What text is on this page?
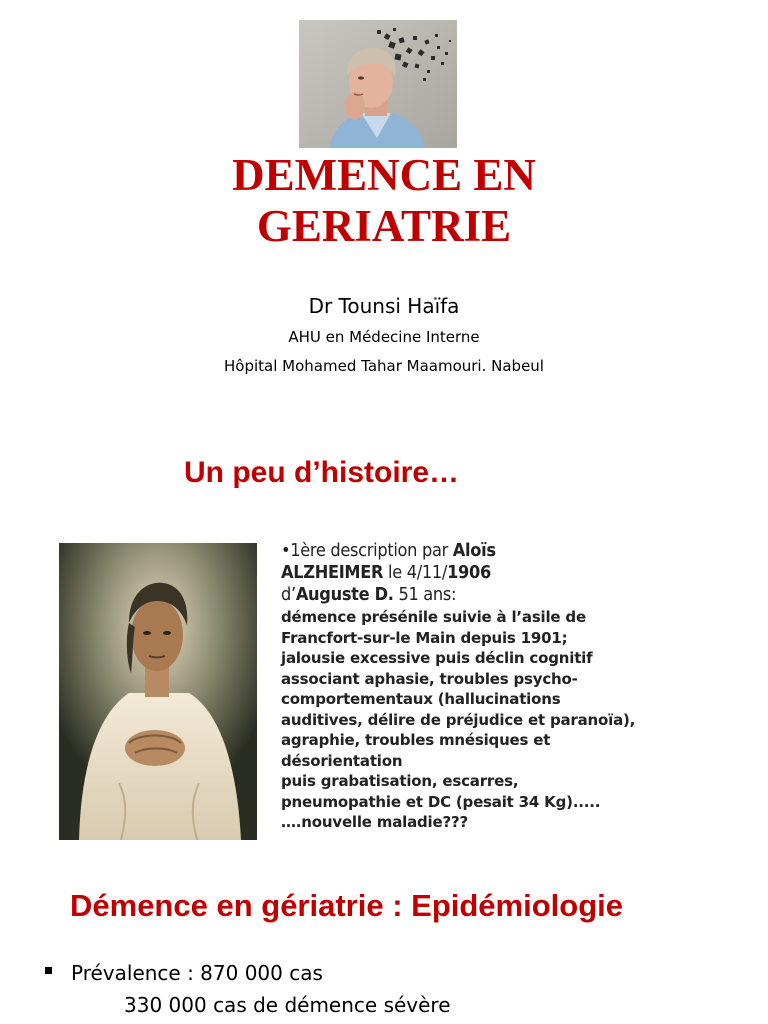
DEMENCE EN
GERIATRIE
Dr Tounsi Haïfa
AHU en Médecine Interne
Hôpital Mohamed Tahar Maamouri. Nabeul
Un peu d’histoire…
•1ère description par Aloïs
ALZHEIMER le 4/11/1906
d’Auguste D. 51 ans:
démence présénile suivie à l’asile de
Francfort-sur-le Main depuis 1901;
jalousie excessive puis déclin cognitif
associant aphasie, troubles psycho-
comportementaux (hallucinations
auditives, délire de préjudice et paranoïa),
agraphie, troubles mnésiques et
désorientation
puis grabatisation, escarres,
pneumopathie et DC (pesait 34 Kg).....
….nouvelle maladie???
Démence en gériatrie : Epidémiologie
Prévalence : 870 000 cas
330 000 cas de démence sévère
